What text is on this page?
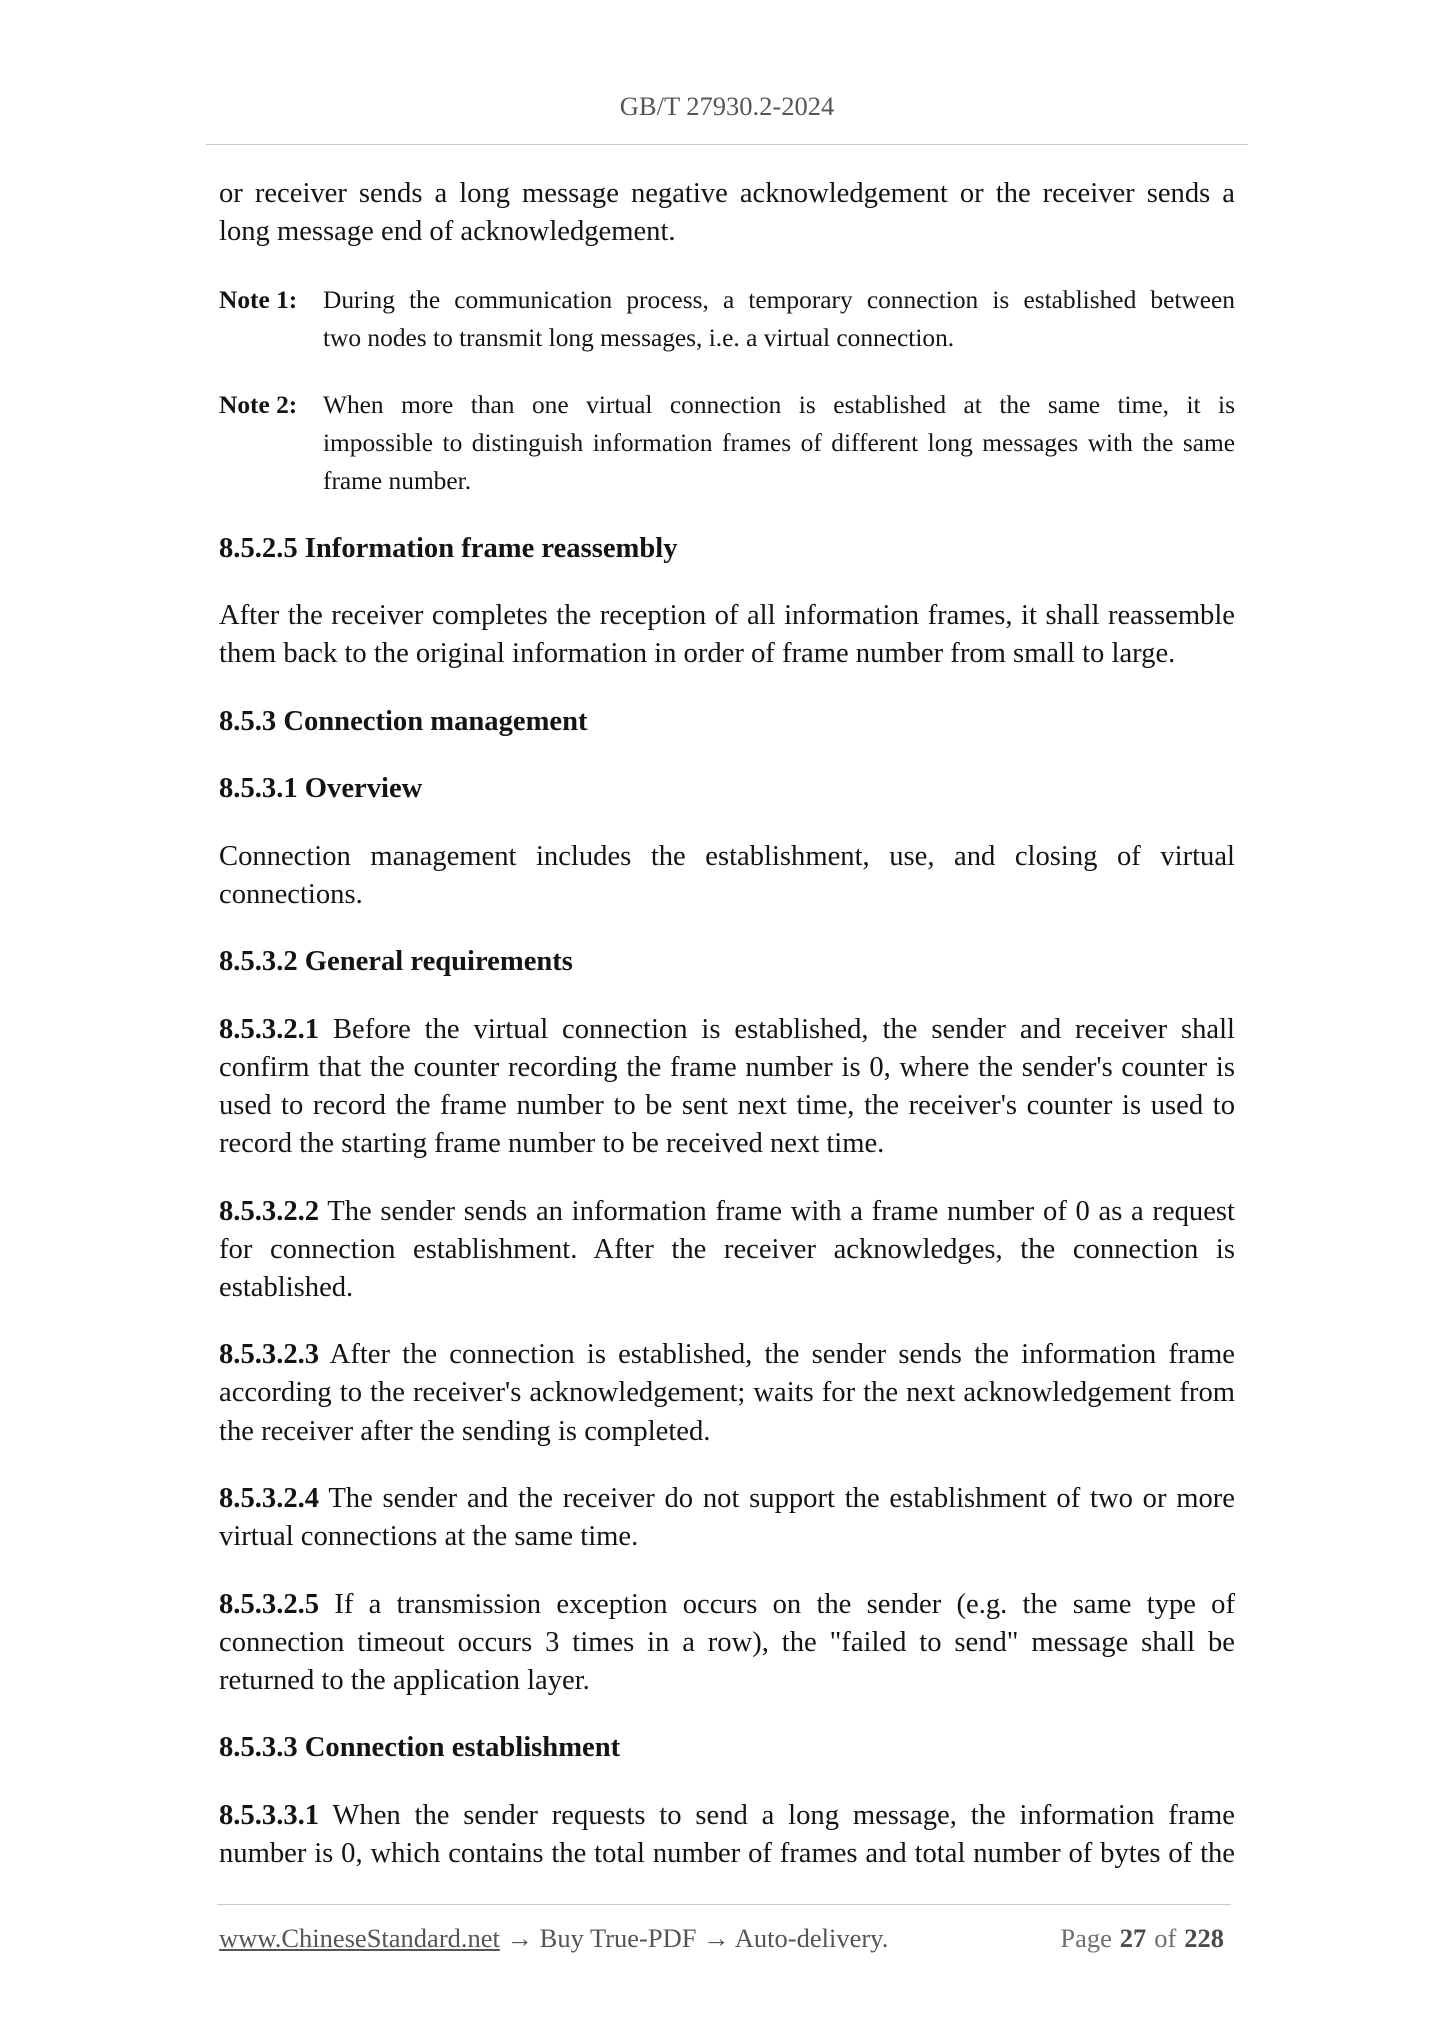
GB/T 27930.2-2024
or receiver sends a long message negative acknowledgement or the receiver sends a
long message end of acknowledgement.
Note 1: During the communication process, a temporary connection is established between
two nodes to transmit long messages, i.e. a virtual connection.
Note 2: When more than one virtual connection is established at the same time, it is
impossible to distinguish information frames of different long messages with the same
frame number.
8.5.2.5 Information frame reassembly
After the receiver completes the reception of all information frames, it shall reassemble
them back to the original information in order of frame number from small to large.
8.5.3 Connection management
8.5.3.1 Overview
Connection management includes the establishment, use, and closing of virtual
connections.
8.5.3.2 General requirements
8.5.3.2.1 Before the virtual connection is established, the sender and receiver shall
confirm that the counter recording the frame number is 0, where the sender's counter is
used to record the frame number to be sent next time, the receiver's counter is used to
record the starting frame number to be received next time.
8.5.3.2.2 The sender sends an information frame with a frame number of 0 as a request
for connection establishment. After the receiver acknowledges, the connection is
established.
8.5.3.2.3 After the connection is established, the sender sends the information frame
according to the receiver's acknowledgement; waits for the next acknowledgement from
the receiver after the sending is completed.
8.5.3.2.4 The sender and the receiver do not support the establishment of two or more
virtual connections at the same time.
8.5.3.2.5 If a transmission exception occurs on the sender (e.g. the same type of
connection timeout occurs 3 times in a row), the "failed to send" message shall be
returned to the application layer.
8.5.3.3 Connection establishment
8.5.3.3.1 When the sender requests to send a long message, the information frame
number is 0, which contains the total number of frames and total number of bytes of the
www.ChineseStandard.net → Buy True-PDF → Auto-delivery.	Page 27 of 228
